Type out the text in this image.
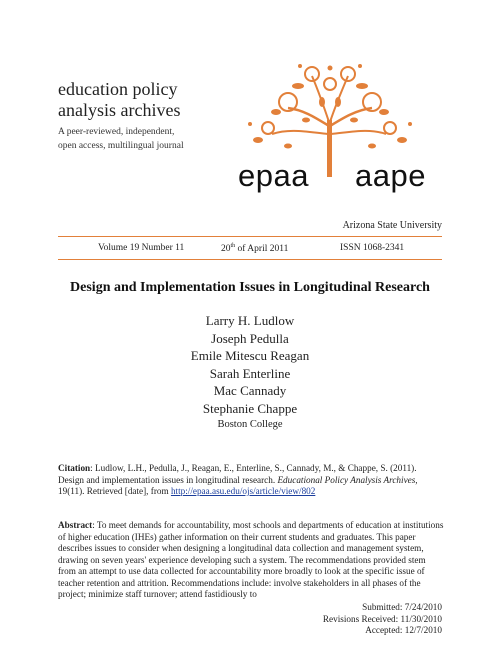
education policy
analysis archives
A peer-reviewed, independent,
open access, multilingual journal
epaa aape
Arizona State University
Volume 19 Number 11	20th of April 2011	ISSN 1068-2341
Design and Implementation Issues in Longitudinal Research
Larry H. Ludlow
Joseph Pedulla
Emile Mitescu Reagan
Sarah Enterline
Mac Cannady
Stephanie Chappe
Boston College
Citation: Ludlow, L.H., Pedulla, J., Reagan, E., Enterline, S., Cannady, M., & Chappe, S. (2011). Design and implementation issues in longitudinal research. Educational Policy Analysis Archives, 19(11). Retrieved [date], from http://epaa.asu.edu/ojs/article/view/802
Abstract: To meet demands for accountability, most schools and departments of education at institutions of higher education (IHEs) gather information on their current students and graduates. This paper describes issues to consider when designing a longitudinal data collection and management system, drawing on seven years' experience developing such a system. The recommendations provided stem from an attempt to use data collected for accountability more broadly to look at the specific issue of teacher retention and attrition. Recommendations include: involve stakeholders in all phases of the project; minimize staff turnover; attend fastidiously to
Submitted: 7/24/2010
Revisions Received: 11/30/2010
Accepted: 12/7/2010
